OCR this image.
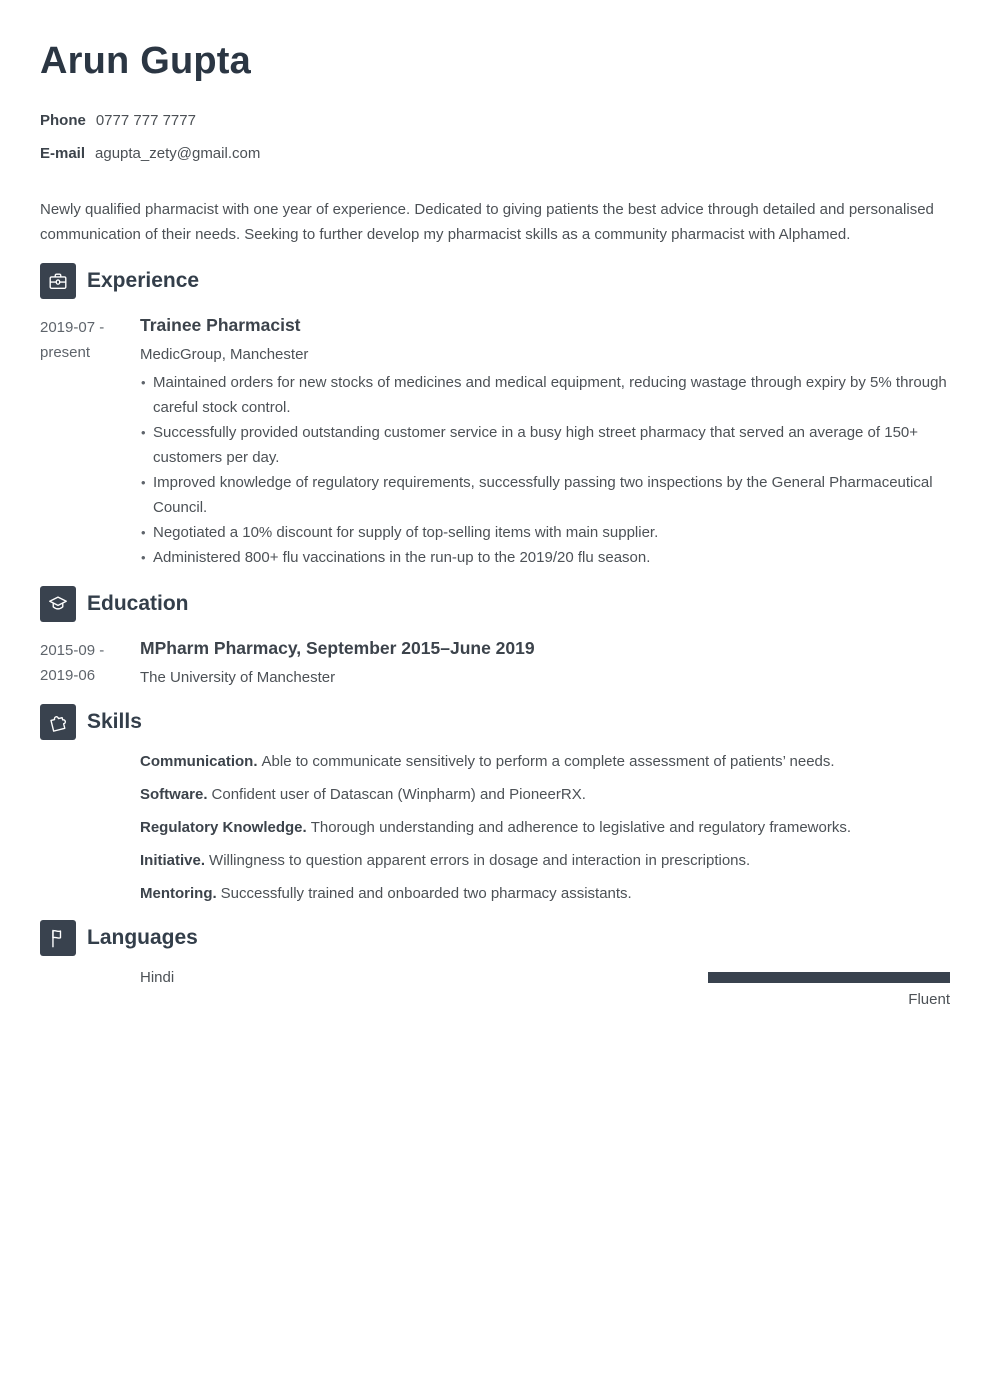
Arun Gupta
Phone 0777 777 7777
E-mail agupta_zety@gmail.com

Newly qualified pharmacist with one year of experience. Dedicated to giving patients the best advice through detailed and personalised communication of their needs. Seeking to further develop my pharmacist skills as a community pharmacist with Alphamed.

Experience
2019-07 -
present
Trainee Pharmacist
MedicGroup, Manchester
• Maintained orders for new stocks of medicines and medical equipment, reducing wastage through expiry by 5% through careful stock control.
• Successfully provided outstanding customer service in a busy high street pharmacy that served an average of 150+ customers per day.
• Improved knowledge of regulatory requirements, successfully passing two inspections by the General Pharmaceutical Council.
• Negotiated a 10% discount for supply of top-selling items with main supplier.
• Administered 800+ flu vaccinations in the run-up to the 2019/20 flu season.
Education
2015-09 -
2019-06
MPharm Pharmacy, September 2015–June 2019
The University of Manchester
Skills
Communication. Able to communicate sensitively to perform a complete assessment of patients’ needs.
Software. Confident user of Datascan (Winpharm) and PioneerRX.
Regulatory Knowledge. Thorough understanding and adherence to legislative and regulatory frameworks.
Initiative. Willingness to question apparent errors in dosage and interaction in prescriptions.
Mentoring. Successfully trained and onboarded two pharmacy assistants.
Languages
Hindi
Fluent
